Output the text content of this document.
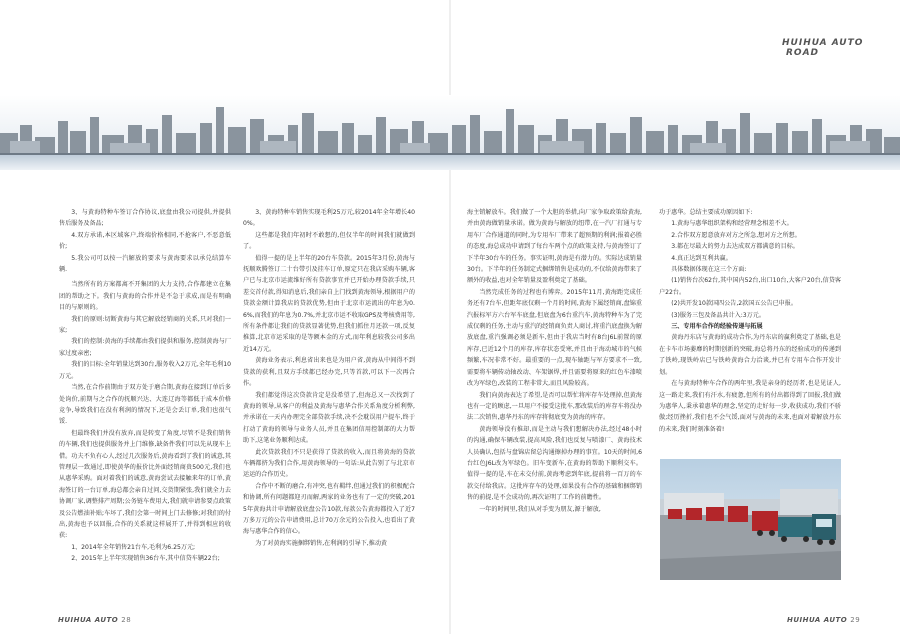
HUIHUA AUTO
ROAD

3、与黄海特种车签订合作协议,底盘由我公司提供,并提供售后服务及备品;

4.双方承诺,本区域客户,终端价格相同,不抢客户,不恶意低价;

5.我公司可以按一汽解放的要求与黄海要求以承兑结算车辆.

当然所有的方案都离不开集团的大力支持,合作都建立在集团的帮助之下。我们与黄海的合作并是不急于求成,而是有明确目的与原则的。

我们的原则:切断黄海与其它解放经销商的关系,只对我们一家;

我们的控制:黄海的手续都由我们提供和服务,控制黄海与厂家过度亲密;

我们的目标:全年销量达到30台,服务收入2万元,全年毛利10万元。

当然,在合作前期由于双方处于磨合期,黄海在接到订单后多处询价,前期与之合作的抚顺兴达、大连辽海等都低于成本价格竞争,导致我们在没有利润的情况下,还是会丢订单,我们也很气馁.

但最终我们并没有放弃,而是转变了角度,尽管不是我们销售的车辆,我们也提供服务并上门维修,缺备件我们可以先从现车上借。功夫不负有心人,经过几次服务后,黄海看到了我们的诚意,其管理层一致通过,即使黄华的报价比外面经销商贵500元,我们也从惠华采购。面对着我们的诚意,黄海尝试去接触来年的订单,黄海签订的一台订单,海总都会亲自过问,交货期紧张,我们就全力去协调厂家,调整排产周期;公务链车费用大,我们就申请参要点政策及公告燃油补贴;车坏了,我们会第一时间上门去修修;对我们的付出,黄海也予以回报,合作的关系就这样展开了,并得到相应的收获:

1、2014年全年销售21台车,毛利为6.25万元;

2、2015年上半年实现销售36台车,其中信贷车辆22台;

3、黄海特种车销售实现毛利25万元,较2014年全年增长400%。

这些都是我们年初时不敢想的,但仅半年的时间我们就做到了。

值得一提的是上半年的20台车贷款。2015年3月份,黄海与抚顺欢腾签订二十台带引及挂车订单,原定只在我店采购车辆,客户已与北京市运流维好所有贷款事宜并已开始办理贷款手续,只差交首付款,得知消息后,我们亲自上门找到黄海领导,根据用户的贷款金额计算我店的贷款优势,但由于北京市运流出的年息为0.6%,而我们的年息为0.7%,并北京市运不收取GPS及考核费用等,所有条件都让我们的贷款显著优势,但我们抓住月还款一项,反复推算,北京市运采取的是等额本金的方式,而年利息较我公司多出近14万元。

黄海业务表示,利息省出来也是为用户省,黄海从中间得不到贷款的获利,且双方手续都已经办完,只等首款,可以下一次再合作。

我们都觉得这次贷款肯定是没希望了,但海总又一次找到了黄海的领导,从客户的利益及黄海与惠华合作关系角度分析利弊,并承诺在一天内办理完全部贷款手续,决不会耽误用户提车,终于打动了黄海的领导与业务人员,并且在集团信用控制部的大力帮助下,这笔业务顺利达成。

此次贷款我们不只是获得了贷款的收入,而且将黄海的贷款车辆都挤为我们合作,用黄海领导的一句话:从此告别了与北京市运运的合作历史。

合作中不断的磨合,有冲突,也有羁绊,但通过我们的积极配合和协调,所有问题都迎刃而解,两家的业务也有了一定的突破,2015年黄海共计申请解放底盘公告10款,每款公告黄海都投入了近7万多万元的公告申请费用,总计70万余元的公告投入,也看出了黄海与惠华合作的信心。

为了对黄海实施捆绑销售,在利润的引导下,推动黄

海主销解放车。我们做了一个大胆的举措,向厂家争取政策给黄海,并由黄海做销量承诺。做为黄海与解放的纽带,在一汽厂打通与专用车厂合作通道的同时,为专用车厂带来了超预期的利润;报着必胜的态度,海总成功申请到了每台车两个点的政策支持,与黄海签订了下半年30台车的任务。事实证明,黄海是有潜力的。实际达成销量30台。下半年的任务制定式捆绑销售是成功的,不仅给黄海带来了额外的收益,也对全年销量及盈利奠定了基础。

当然完成任务的过程也有博弈。2015年11月,黄海距完成任务还有7台车,但距年底仅剩一个月的时间,黄海下属经销商,盘锦重汽报标军方六台军车底盘,但底盘为6台重汽车,黄海特种车为了完成仅剩的任务,主动与重汽的经销商负责人商讨,将重汽底盘换为解放底盘,重汽强调必须是新车,但由于我店当时有8台J6L前置的原库存,已近12个月的库存,库存状态受寒,并且由于海动城市的气候频繁,车况非常不好。最重要的一点,现车轴距与军方要求不一致,需要将车辆传动轴改动、车架锯焊,并且需要将原来的红色车漆喷改为军绿色,改装的工程非常大,而且风险较高。

我们向黄海表达了希望,是否可以帮忙将库存车处理掉,但黄海也有一定的顾虑,一旦用户不接受这批车,那改装后的库存车将没办法二次销售,惠华丹东的库存将彻底变为黄海的库存。

黄海领导没有推却,而是主动与我们想解决办法,经过48小时的沟通,确保车辆改装,提高风险,我们也反复与喷漆厂、黄海技术人员确认,包括与盘锦店留总沟通擦掉办理的事宜。10天的时间,6台红色J6L改为军绿色。旧车变新车,在黄海的帮助下顺利交车。值得一提的是,车在未交付前,黄海考虑到年底,提前将一百万的车款交付给我店。这批库存车的处理,如果没有合作的基础和捆绑销售的前提,是不会成功的,再次证明了工作的前瞻性。

一年的时间里,我们从对手变为朋友,源于解放,

功于惠华。总结主要成功原因如下:

1.黄海与惠华组织架构和经营理念相差不大。

2.合作双方愿意放弃对方之所急,想对方之所想。

3.都在尽最大的努力去达成双方都满意的目标。

4.真正达到互利共赢。

具体数据体现在这三个方面:

(1)销售台次62台,其中国内52台,出口10台,大客户20台,信贷客户22台。

(2)共开发10款国四公告,2款国五公告已申报。

(3)服务三包及备品共计入:3万元。

三、专用车合作的经验传递与拓展

黄海丹东店与黄海的成功合作,为丹东店的赢利奠定了基础,也是在卡车市场萎靡的时期创新的突破,海总将丹东的经验成功的传递到了铁岭,现铁岭店已与铁岭黄海合力洽谈,并已有专用车合作开发计划。

在与黄海特种车合作的两年里,我是亲身的经历者,也是见证人,这一路走来,我们有汗水,有疲惫,但所有的付出都得到了回报,我们做为惠华人,秉承着惠华的理念,坚定的走好每一步,收获成功,我们不骄傲;经历挫折,我们也不会气馁,面对与黄海的未来,也面对着解放丹东的未来,我们时刻准备着!

HUIHUA AUTO 28	HUIHUA AUTO 29
